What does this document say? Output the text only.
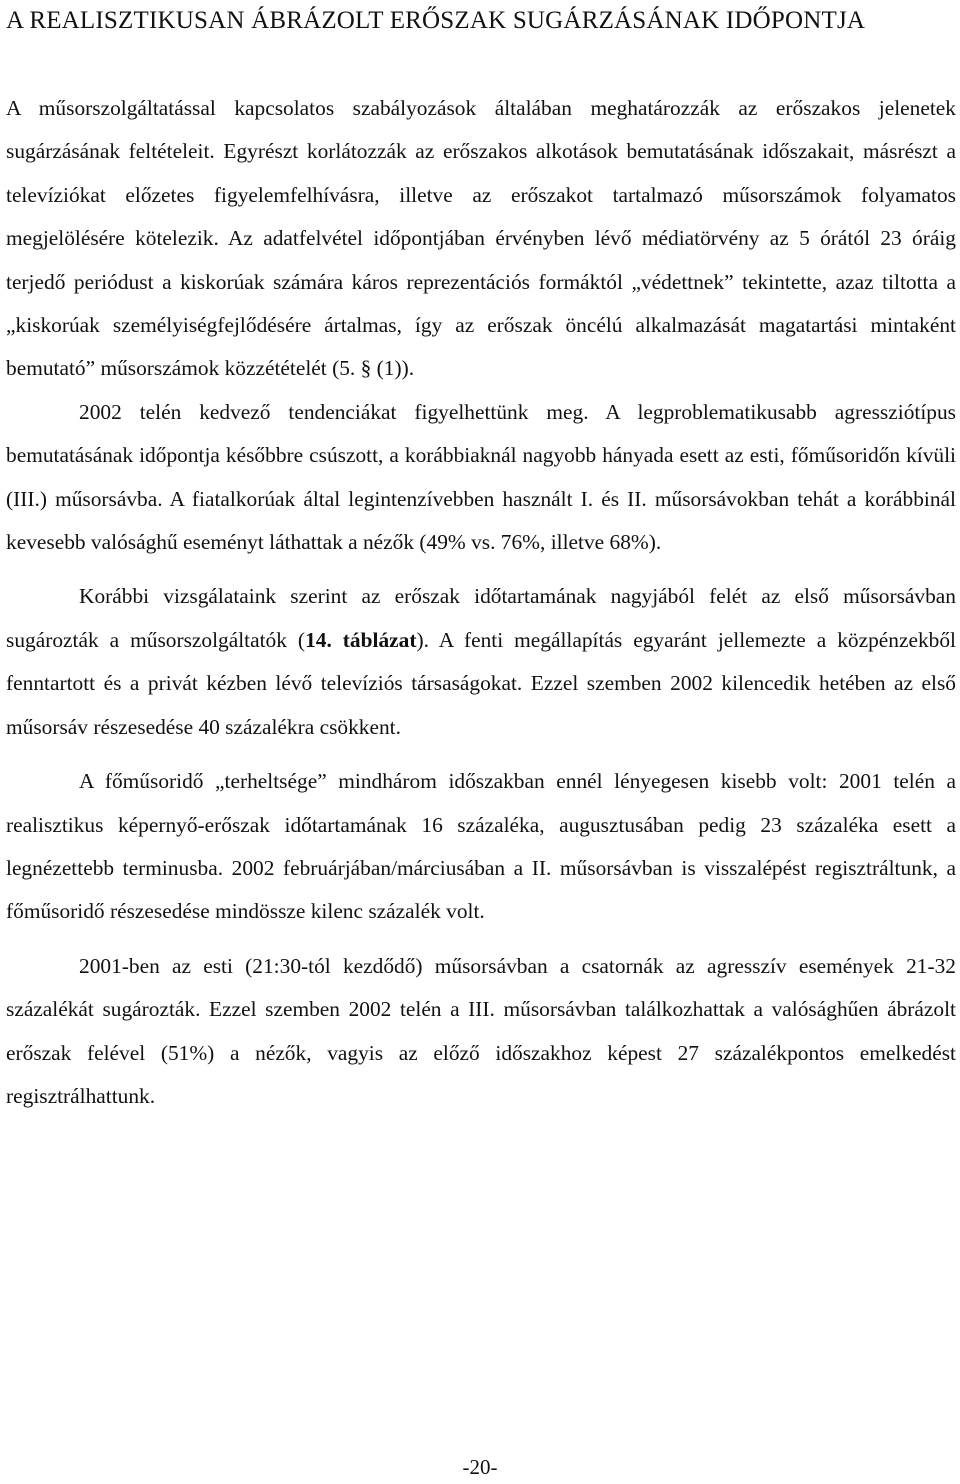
A REALISZTIKUSAN ÁBRÁZOLT ERŐSZAK SUGÁRZÁSÁNAK IDŐPONTJA

A műsorszolgáltatással kapcsolatos szabályozások általában meghatározzák az erőszakos jelenetek sugárzásának feltételeit. Egyrészt korlátozzák az erőszakos alkotások bemutatásának időszakait, másrészt a televíziókat előzetes figyelemfelhívásra, illetve az erőszakot tartalmazó műsorszámok folyamatos megjelölésére kötelezik. Az adatfelvétel időpontjában érvényben lévő médiatörvény az 5 órától 23 óráig terjedő periódust a kiskorúak számára káros reprezentációs formáktól „védettnek” tekintette, azaz tiltotta a „kiskorúak személyiségfejlődésére ártalmas, így az erőszak öncélú alkalmazását magatartási mintaként bemutató” műsorszámok közzétételét (5. § (1)).

2002 telén kedvező tendenciákat figyelhettünk meg. A legproblematikusabb agressziótípus bemutatásának időpontja későbbre csúszott, a korábbiaknál nagyobb hányada esett az esti, főműsoridőn kívüli (III.) műsorsávba. A fiatalkorúak által legintenzívebben használt I. és II. műsorsávokban tehát a korábbinál kevesebb valósághű eseményt láthattak a nézők (49% vs. 76%, illetve 68%).

Korábbi vizsgálataink szerint az erőszak időtartamának nagyjából felét az első műsorsávban sugározták a műsorszolgáltatók (14. táblázat). A fenti megállapítás egyaránt jellemezte a közpénzekből fenntartott és a privát kézben lévő televíziós társaságokat. Ezzel szemben 2002 kilencedik hetében az első műsorsáv részesedése 40 százalékra csökkent.

A főműsoridő „terheltsége” mindhárom időszakban ennél lényegesen kisebb volt: 2001 telén a realisztikus képernyő-erőszak időtartamának 16 százaléka, augusztusában pedig 23 százaléka esett a legnézettebb terminusba. 2002 februárjában/márciusában a II. műsorsávban is visszalépést regisztráltunk, a főműsoridő részesedése mindössze kilenc százalék volt.

2001-ben az esti (21:30-tól kezdődő) műsorsávban a csatornák az agresszív események 21-32 százalékát sugározták. Ezzel szemben 2002 telén a III. műsorsávban találkozhattak a valósághűen ábrázolt erőszak felével (51%) a nézők, vagyis az előző időszakhoz képest 27 százalékpontos emelkedést regisztrálhattunk.

-20-
